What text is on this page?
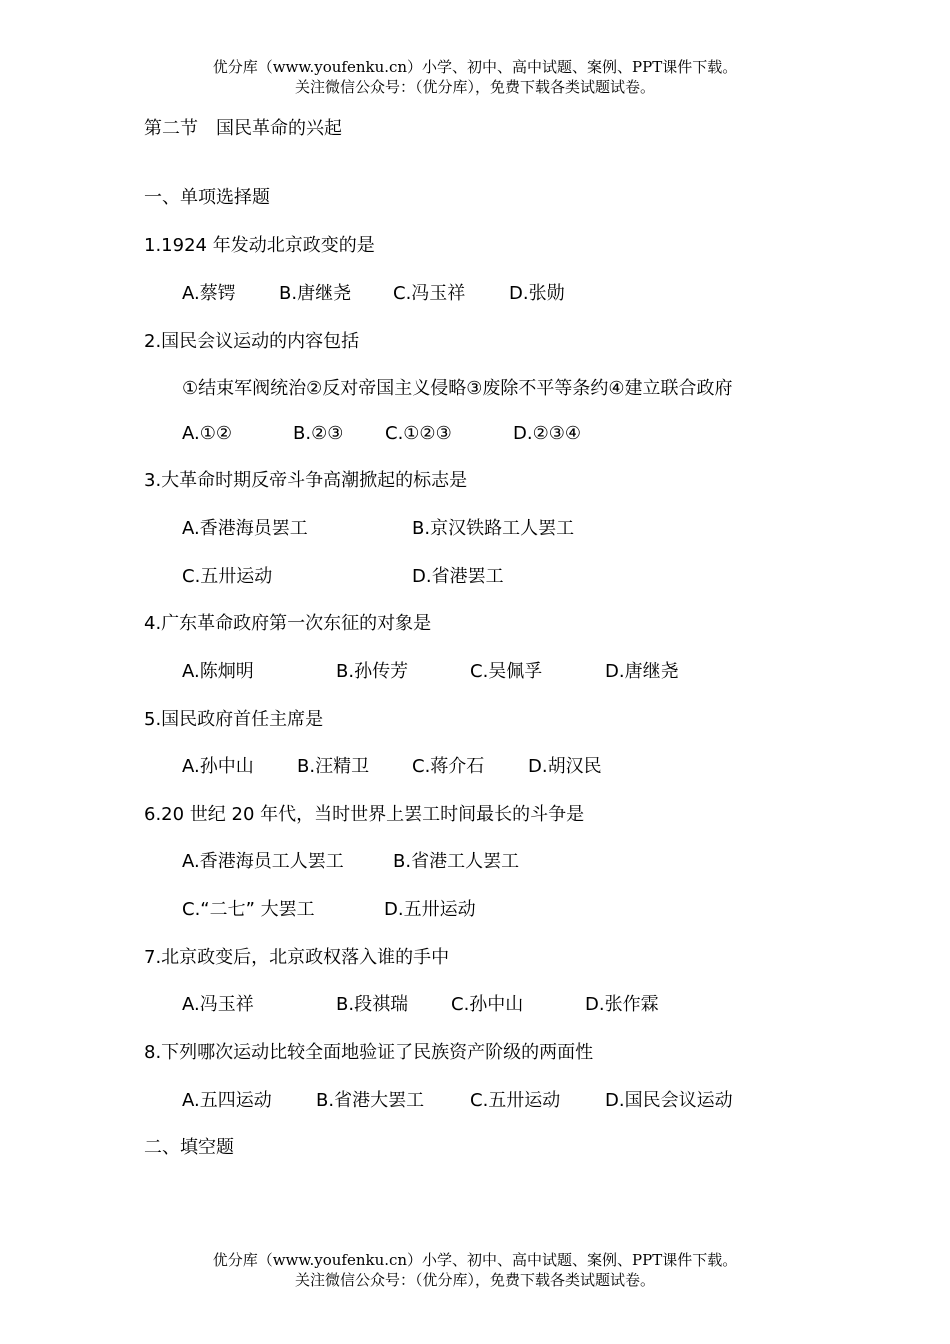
优分库（www.youfenku.cn）小学、初中、高中试题、案例、PPT课件下载。
关注微信公众号：（优分库），免费下载各类试题试卷。
第二节　国民革命的兴起
一、单项选择题
1.1924 年发动北京政变的是
A.蔡锷 B.唐继尧 C.冯玉祥 D.张勋
2.国民会议运动的内容包括
①结束军阀统治②反对帝国主义侵略③废除不平等条约④建立联合政府
A.①②	B.②③ C.①②③	D.②③④
3.大革命时期反帝斗争高潮掀起的标志是
A.香港海员罢工	B.京汉铁路工人罢工
C.五卅运动	D.省港罢工
4.广东革命政府第一次东征的对象是
A.陈炯明	B.孙传芳	C.吴佩孚	D.唐继尧
5.国民政府首任主席是
A.孙中山 B.汪精卫 C.蒋介石 D.胡汉民
6.20 世纪 20 年代，当时世界上罢工时间最长的斗争是
A.香港海员工人罢工	B.省港工人罢工
C.“二七” 大罢工	D.五卅运动
7.北京政变后，北京政权落入谁的手中
A.冯玉祥	B.段祺瑞 C.孙中山	D.张作霖
8.下列哪次运动比较全面地验证了民族资产阶级的两面性
A.五四运动 B.省港大罢工	C.五卅运动 D.国民会议运动
二、填空题
优分库（www.youfenku.cn）小学、初中、高中试题、案例、PPT课件下载。
关注微信公众号：（优分库），免费下载各类试题试卷。
